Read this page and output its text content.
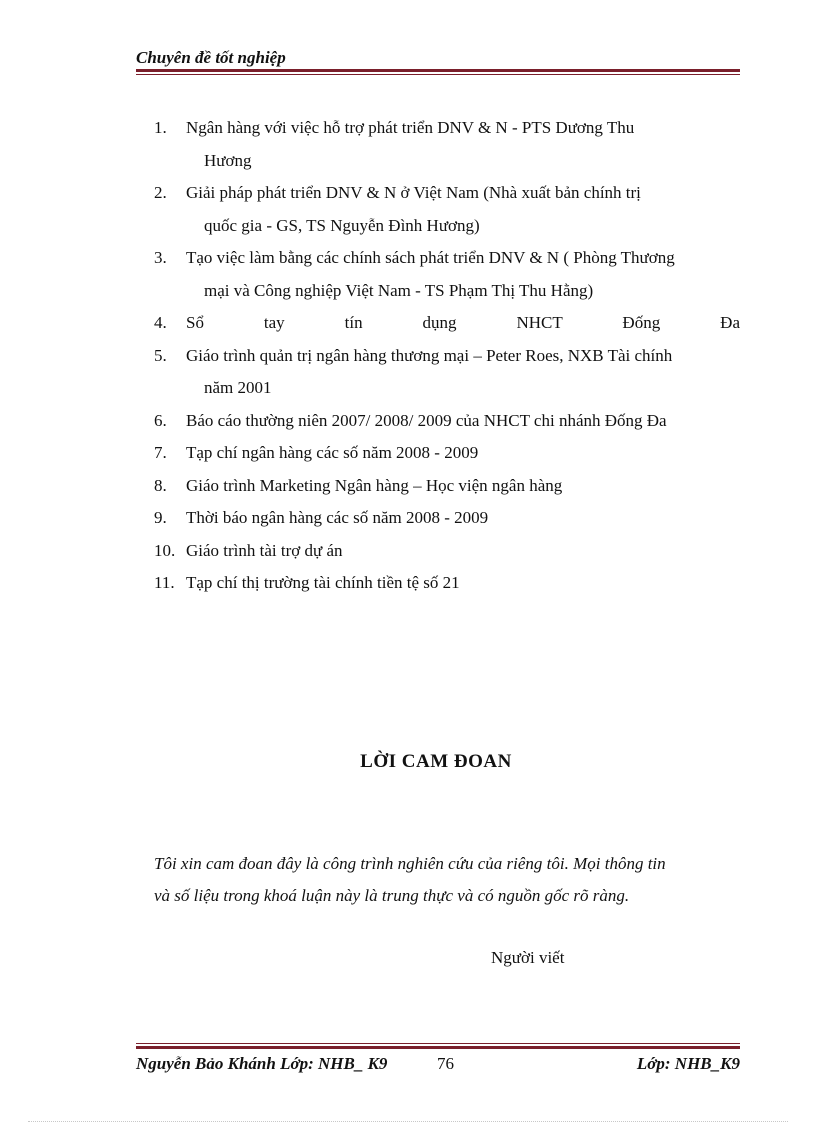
Chuyên đề tốt nghiệp
1. Ngân hàng với việc hỗ trợ phát triển DNV & N - PTS Dương Thu
Hương
2. Giải pháp phát triển DNV & N ở Việt Nam (Nhà xuất bản chính trị
quốc gia - GS, TS Nguyễn Đình Hương)
3. Tạo việc làm bằng các chính sách phát triển DNV & N ( Phòng Thương
mại và Công nghiệp Việt Nam - TS Phạm Thị Thu Hằng)
4. Sổ tay tín dụng NHCT Đống Đa
5. Giáo trình quản trị ngân hàng thương mại – Peter Roes, NXB Tài chính
năm 2001
6. Báo cáo thường niên 2007/ 2008/ 2009 của NHCT chi nhánh Đống Đa
7. Tạp chí ngân hàng các số năm 2008 - 2009
8. Giáo trình Marketing Ngân hàng – Học viện ngân hàng
9. Thời báo ngân hàng các số năm 2008 - 2009
10. Giáo trình tài trợ dự án
11. Tạp chí thị trường tài chính tiền tệ số 21
LỜI CAM ĐOAN
Tôi xin cam đoan đây là công trình nghiên cứu của riêng tôi. Mọi thông tin
và số liệu trong khoá luận này là trung thực và có nguồn gốc rõ ràng.
Người viết
Nguyễn Bảo Khánh Lớp: NHB_ K9	76	Lớp: NHB_K9
